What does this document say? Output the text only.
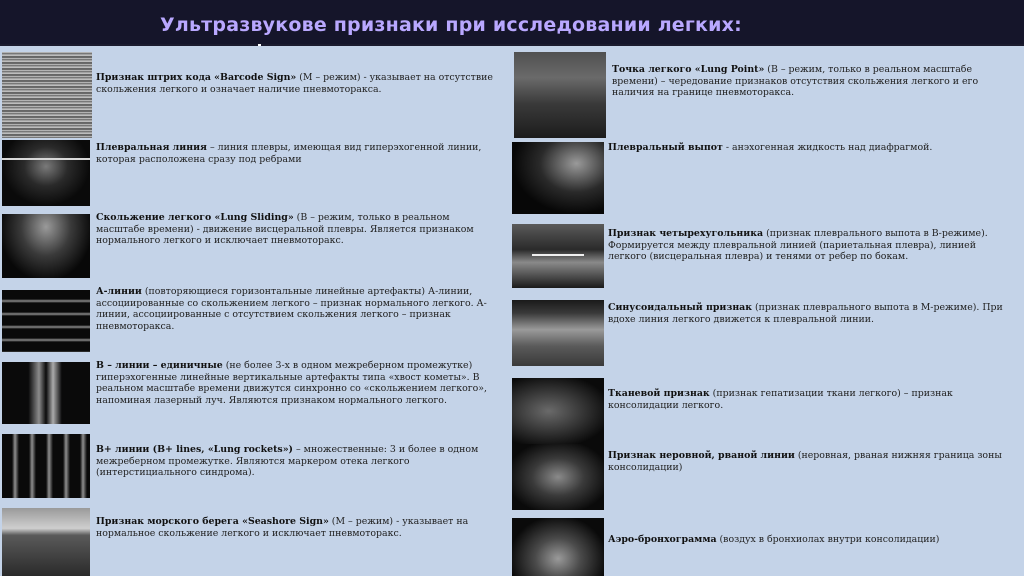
Ультразвукове признаки при исследовании легких:
Признак штрих кода «Barcode Sign» (M – режим) - указывает на отсутствие скольжения легкого и означает наличие пневмоторакса.
Плевральная линия – линия плевры, имеющая вид гиперэхогенной линии, которая расположена сразу под ребрами
Скольжение легкого «Lung Sliding» (В – режим, только в реальном масштабе времени) - движение висцеральной плевры. Является признаком нормального легкого и исключает пневмоторакс.
А-линии (повторяющиеся горизонтальные линейные артефакты) А-линии, ассоциированные со скольжением легкого – признак нормального легкого. А-линии, ассоциированные с отсутствием скольжения легкого – признак пневмоторакса.
В – линии – единичные (не более 3-х в одном межреберном промежутке) гиперэхогенные линейные вертикальные артефакты типа «хвост кометы». В реальном масштабе времени движутся синхронно со «скольжением легкого», напоминая лазерный луч. Являются признаком нормального легкого.
В+ линии (В+ lines, «Lung rockets») – множественные: 3 и более в одном межреберном промежутке. Являются маркером отека легкого (интерстициального синдрома).
Признак морского берега «Seashore Sign» (M – режим) - указывает на нормальное скольжение легкого и исключает пневмоторакс.
Точка легкого «Lung Point» (В – режим, только в реальном масштабе времени) – чередование признаков отсутствия скольжения легкого и его наличия на границе пневмоторакса.
Плевральный выпот - анэхогенная жидкость над диафрагмой.
Признак четырехугольника (признак плеврального выпота в В-режиме). Формируется между плевральной линией (париетальная плевра), линией легкого (висцеральная плевра) и тенями от ребер по бокам.
Синусоидальный признак (признак плеврального выпота в М-режиме). При вдохе линия легкого движется к плевральной линии.
Тканевой признак (признак гепатизации ткани легкого) – признак консолидации легкого.
Признак неровной, рваной линии (неровная, рваная нижняя граница зоны консолидации)
Аэро-бронхограмма (воздух в бронхиолах внутри консолидации)
